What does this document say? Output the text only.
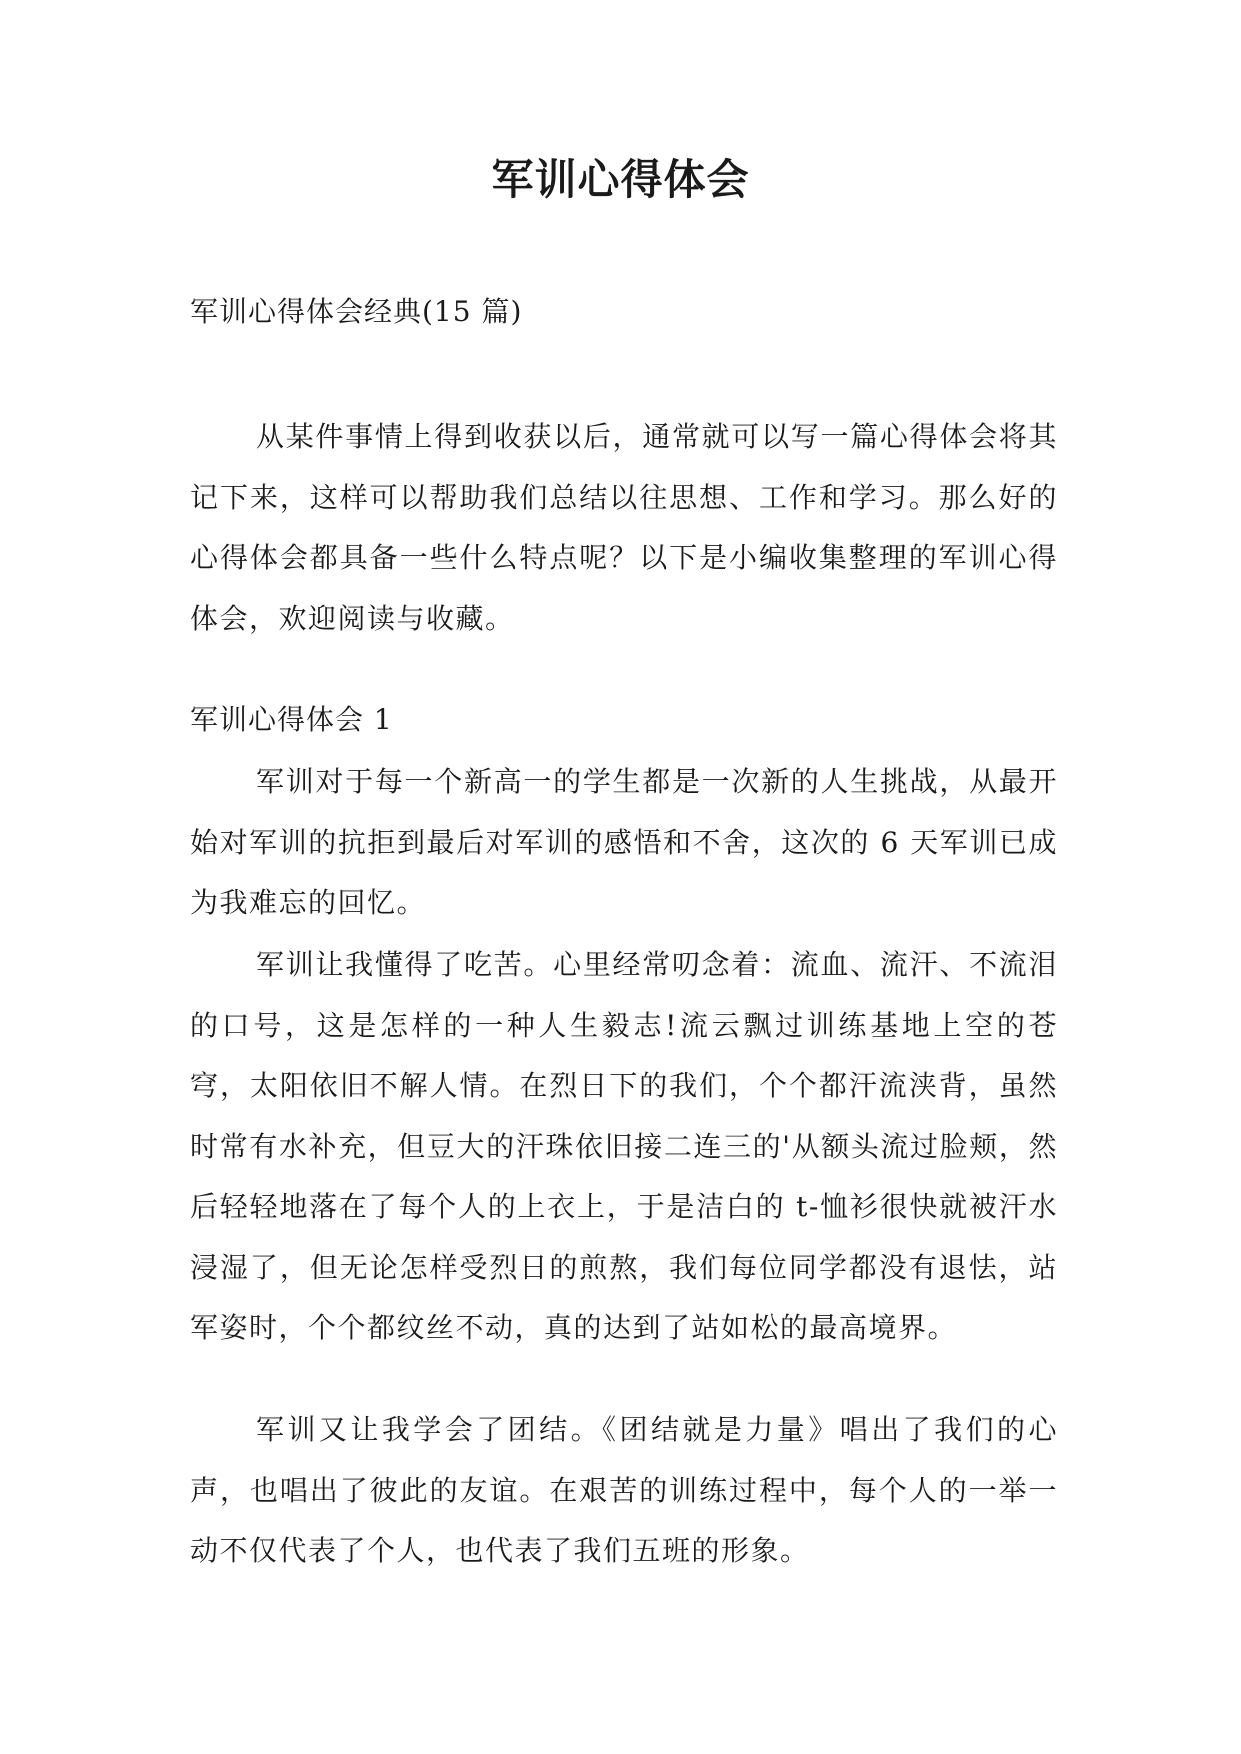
军训心得体会

军训心得体会经典(15 篇)

从某件事情上得到收获以后，通常就可以写一篇心得体会将其记下来，这样可以帮助我们总结以往思想、工作和学习。那么好的心得体会都具备一些什么特点呢？以下是小编收集整理的军训心得体会，欢迎阅读与收藏。

军训心得体会 1

军训对于每一个新高一的学生都是一次新的人生挑战，从最开始对军训的抗拒到最后对军训的感悟和不舍，这次的 6 天军训已成为我难忘的回忆。

军训让我懂得了吃苦。心里经常叨念着：流血、流汗、不流泪的口号，这是怎样的一种人生毅志!流云飘过训练基地上空的苍穹，太阳依旧不解人情。在烈日下的我们，个个都汗流浃背，虽然时常有水补充，但豆大的汗珠依旧接二连三的'从额头流过脸颊，然后轻轻地落在了每个人的上衣上，于是洁白的 t-恤衫很快就被汗水浸湿了，但无论怎样受烈日的煎熬，我们每位同学都没有退怯，站军姿时，个个都纹丝不动，真的达到了站如松的最高境界。

军训又让我学会了团结。《团结就是力量》唱出了我们的心声，也唱出了彼此的友谊。在艰苦的训练过程中，每个人的一举一动不仅代表了个人，也代表了我们五班的形象。
